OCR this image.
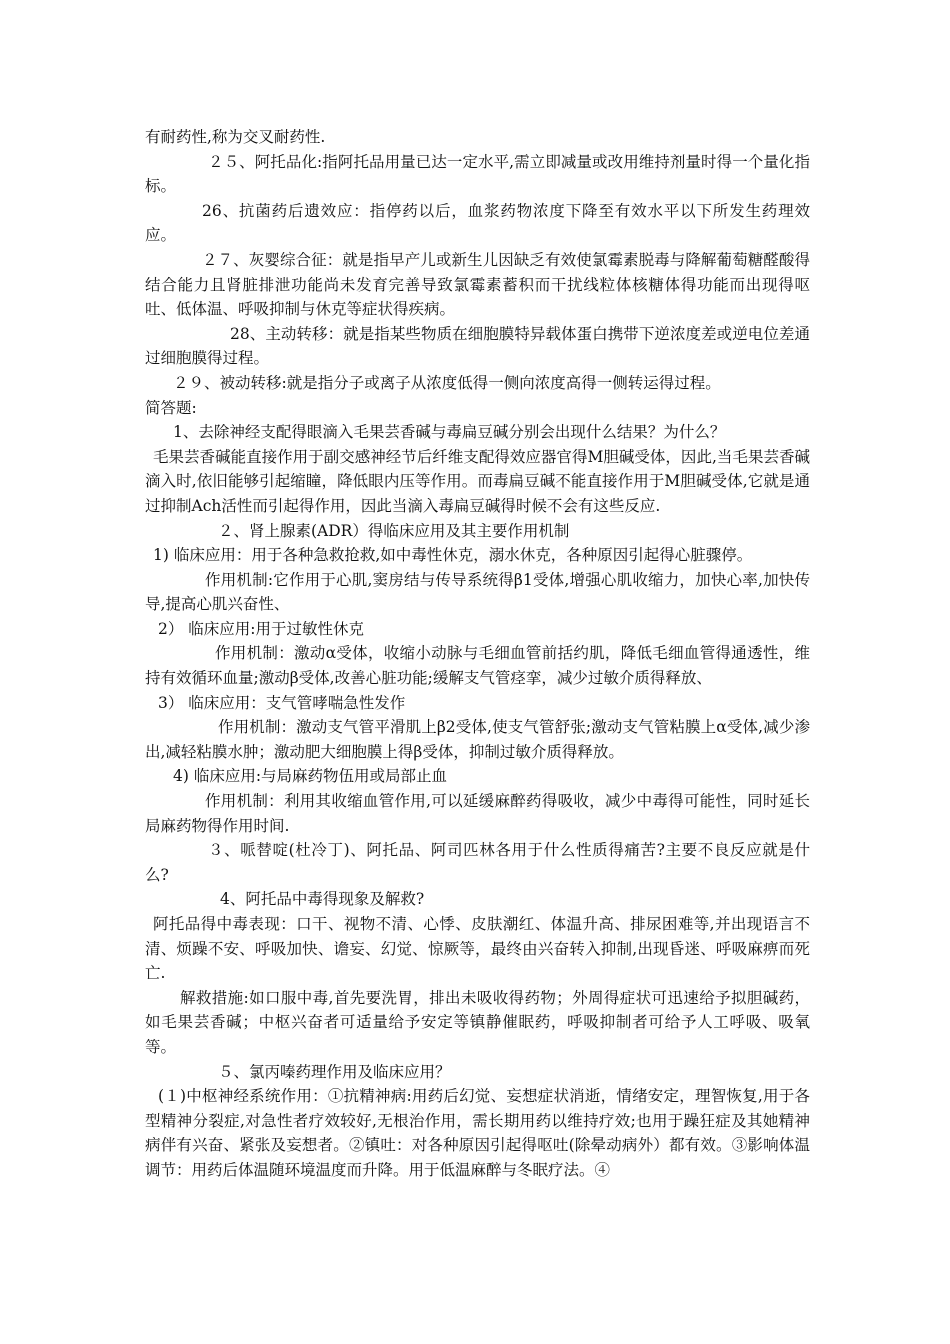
有耐药性,称为交叉耐药性.

２５、阿托品化:指阿托品用量已达一定水平,需立即减量或改用维持剂量时得一个量化指标。

26、抗菌药后遗效应：指停药以后，血浆药物浓度下降至有效水平以下所发生药理效应。

２７、灰婴综合征：就是指早产儿或新生儿因缺乏有效使氯霉素脱毒与降解葡萄糖醛酸得结合能力且肾脏排泄功能尚未发育完善导致氯霉素蓄积而干扰线粒体核糖体得功能而出现得呕吐、低体温、呼吸抑制与休克等症状得疾病。

28、主动转移：就是指某些物质在细胞膜特异载体蛋白携带下逆浓度差或逆电位差通过细胞膜得过程。

２９、被动转移:就是指分子或离子从浓度低得一侧向浓度高得一侧转运得过程。

简答题:

1、去除神经支配得眼滴入毛果芸香碱与毒扁豆碱分别会出现什么结果？为什么？

毛果芸香碱能直接作用于副交感神经节后纤维支配得效应器官得M胆碱受体，因此,当毛果芸香碱滴入时,依旧能够引起缩瞳，降低眼内压等作用。而毒扁豆碱不能直接作用于M胆碱受体,它就是通过抑制Ach活性而引起得作用，因此当滴入毒扁豆碱得时候不会有这些反应.

２、肾上腺素(ADR）得临床应用及其主要作用机制

1) 临床应用：用于各种急救抢救,如中毒性休克，溺水休克，各种原因引起得心脏骤停。

作用机制:它作用于心肌,窦房结与传导系统得β1受体,增强心肌收缩力，加快心率,加快传导,提高心肌兴奋性、

2） 临床应用:用于过敏性休克

作用机制：激动α受体，收缩小动脉与毛细血管前括约肌，降低毛细血管得通透性，维持有效循环血量;激动β受体,改善心脏功能;缓解支气管痉挛，减少过敏介质得释放、

3） 临床应用：支气管哮喘急性发作

作用机制：激动支气管平滑肌上β2受体,使支气管舒张;激动支气管粘膜上α受体,减少渗出,减轻粘膜水肿；激动肥大细胞膜上得β受体，抑制过敏介质得释放。

4) 临床应用:与局麻药物伍用或局部止血

作用机制：利用其收缩血管作用,可以延缓麻醉药得吸收，减少中毒得可能性，同时延长局麻药物得作用时间.

３、哌替啶(杜冷丁)、阿托品、阿司匹林各用于什么性质得痛苦?主要不良反应就是什么?

4、阿托品中毒得现象及解救?

阿托品得中毒表现：口干、视物不清、心悸、皮肤潮红、体温升高、排尿困难等,并出现语言不清、烦躁不安、呼吸加快、谵妄、幻觉、惊厥等，最终由兴奋转入抑制,出现昏迷、呼吸麻痹而死亡.

解救措施:如口服中毒,首先要洗胃，排出未吸收得药物；外周得症状可迅速给予拟胆碱药，如毛果芸香碱；中枢兴奋者可适量给予安定等镇静催眠药，呼吸抑制者可给予人工呼吸、吸氧等。

５、氯丙嗪药理作用及临床应用？

(１)中枢神经系统作用：①抗精神病:用药后幻觉、妄想症状消逝，情绪安定，理智恢复,用于各型精神分裂症,对急性者疗效较好,无根治作用，需长期用药以维持疗效;也用于躁狂症及其她精神病伴有兴奋、紧张及妄想者。②镇吐：对各种原因引起得呕吐(除晕动病外）都有效。③影响体温调节：用药后体温随环境温度而升降。用于低温麻醉与冬眠疗法。④
